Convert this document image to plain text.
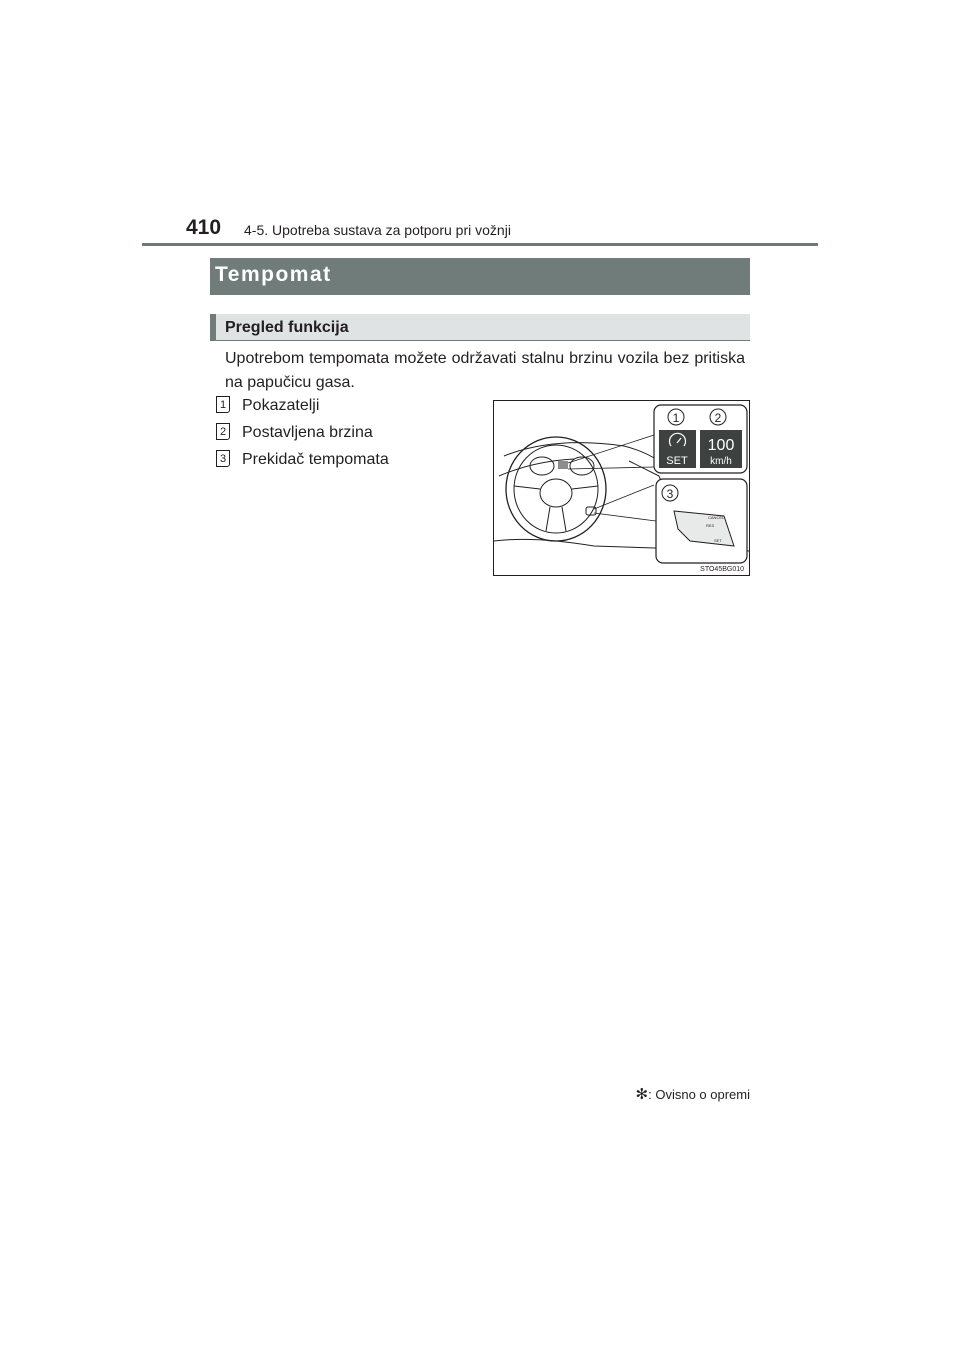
410 4-5. Upotreba sustava za potporu pri vožnji
Tempomat
Pregled funkcija

Upotrebom tempomata možete održavati stalnu brzinu vozila bez pritiska na papučicu gasa.

1 Pokazatelji
2 Postavljena brzina
3 Prekidač tempomata
1	2
SET
100
km/h
3
CANCEL
RES
SET
STO45BG010
✻: Ovisno o opremi
